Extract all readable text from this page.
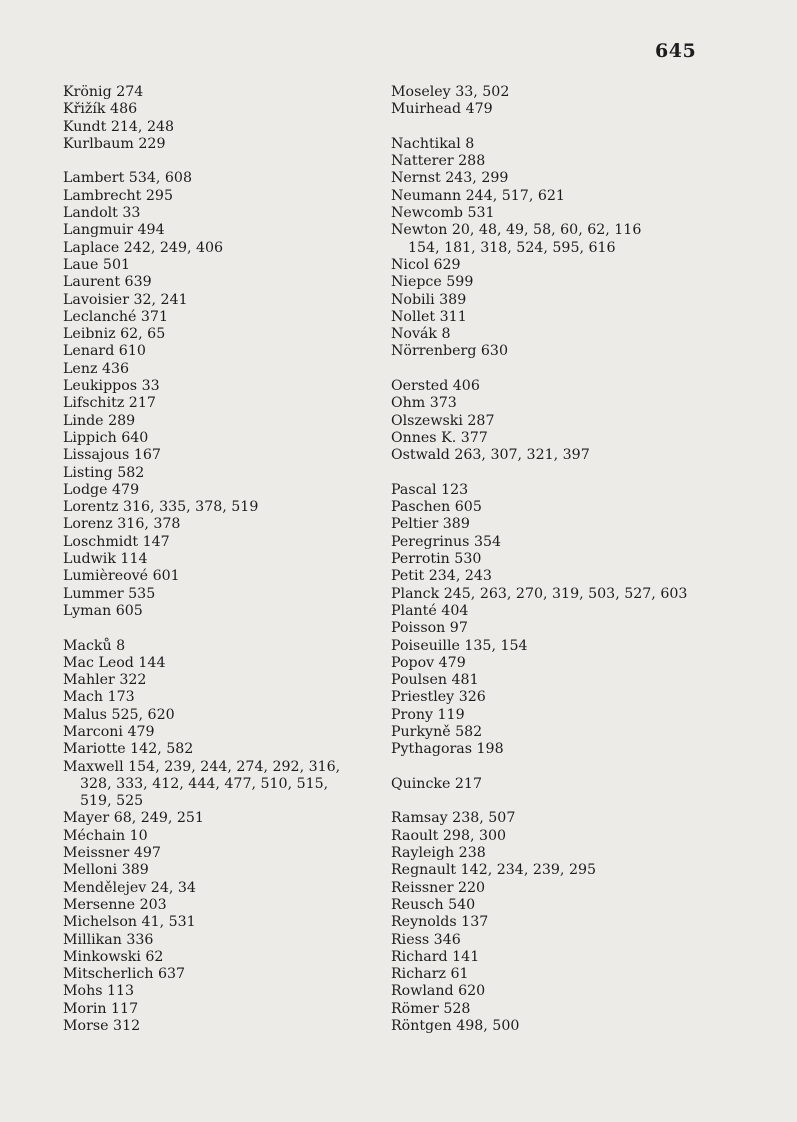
645
Krönig 274
Křižík 486
Kundt 214, 248
Kurlbaum 229
Lambert 534, 608
Lambrecht 295
Landolt 33
Langmuir 494
Laplace 242, 249, 406
Laue 501
Laurent 639
Lavoisier 32, 241
Leclanché 371
Leibniz 62, 65
Lenard 610
Lenz 436
Leukippos 33
Lifschitz 217
Linde 289
Lippich 640
Lissajous 167
Listing 582
Lodge 479
Lorentz 316, 335, 378, 519
Lorenz 316, 378
Loschmidt 147
Ludwik 114
Lumièreové 601
Lummer 535
Lyman 605
Macků 8
Mac Leod 144
Mahler 322
Mach 173
Malus 525, 620
Marconi 479
Mariotte 142, 582
Maxwell 154, 239, 244, 274, 292, 316,
328, 333, 412, 444, 477, 510, 515,
519, 525
Mayer 68, 249, 251
Méchain 10
Meissner 497
Melloni 389
Mendělejev 24, 34
Mersenne 203
Michelson 41, 531
Millikan 336
Minkowski 62
Mitscherlich 637
Mohs 113
Morin 117
Morse 312
Moseley 33, 502
Muirhead 479
Nachtikal 8
Natterer 288
Nernst 243, 299
Neumann 244, 517, 621
Newcomb 531
Newton 20, 48, 49, 58, 60, 62, 116
154, 181, 318, 524, 595, 616
Nicol 629
Niepce 599
Nobili 389
Nollet 311
Novák 8
Nörrenberg 630
Oersted 406
Ohm 373
Olszewski 287
Onnes K. 377
Ostwald 263, 307, 321, 397
Pascal 123
Paschen 605
Peltier 389
Peregrinus 354
Perrotin 530
Petit 234, 243
Planck 245, 263, 270, 319, 503, 527, 603
Planté 404
Poisson 97
Poiseuille 135, 154
Popov 479
Poulsen 481
Priestley 326
Prony 119
Purkyně 582
Pythagoras 198
Quincke 217
Ramsay 238, 507
Raoult 298, 300
Rayleigh 238
Regnault 142, 234, 239, 295
Reissner 220
Reusch 540
Reynolds 137
Riess 346
Richard 141
Richarz 61
Rowland 620
Römer 528
Röntgen 498, 500
